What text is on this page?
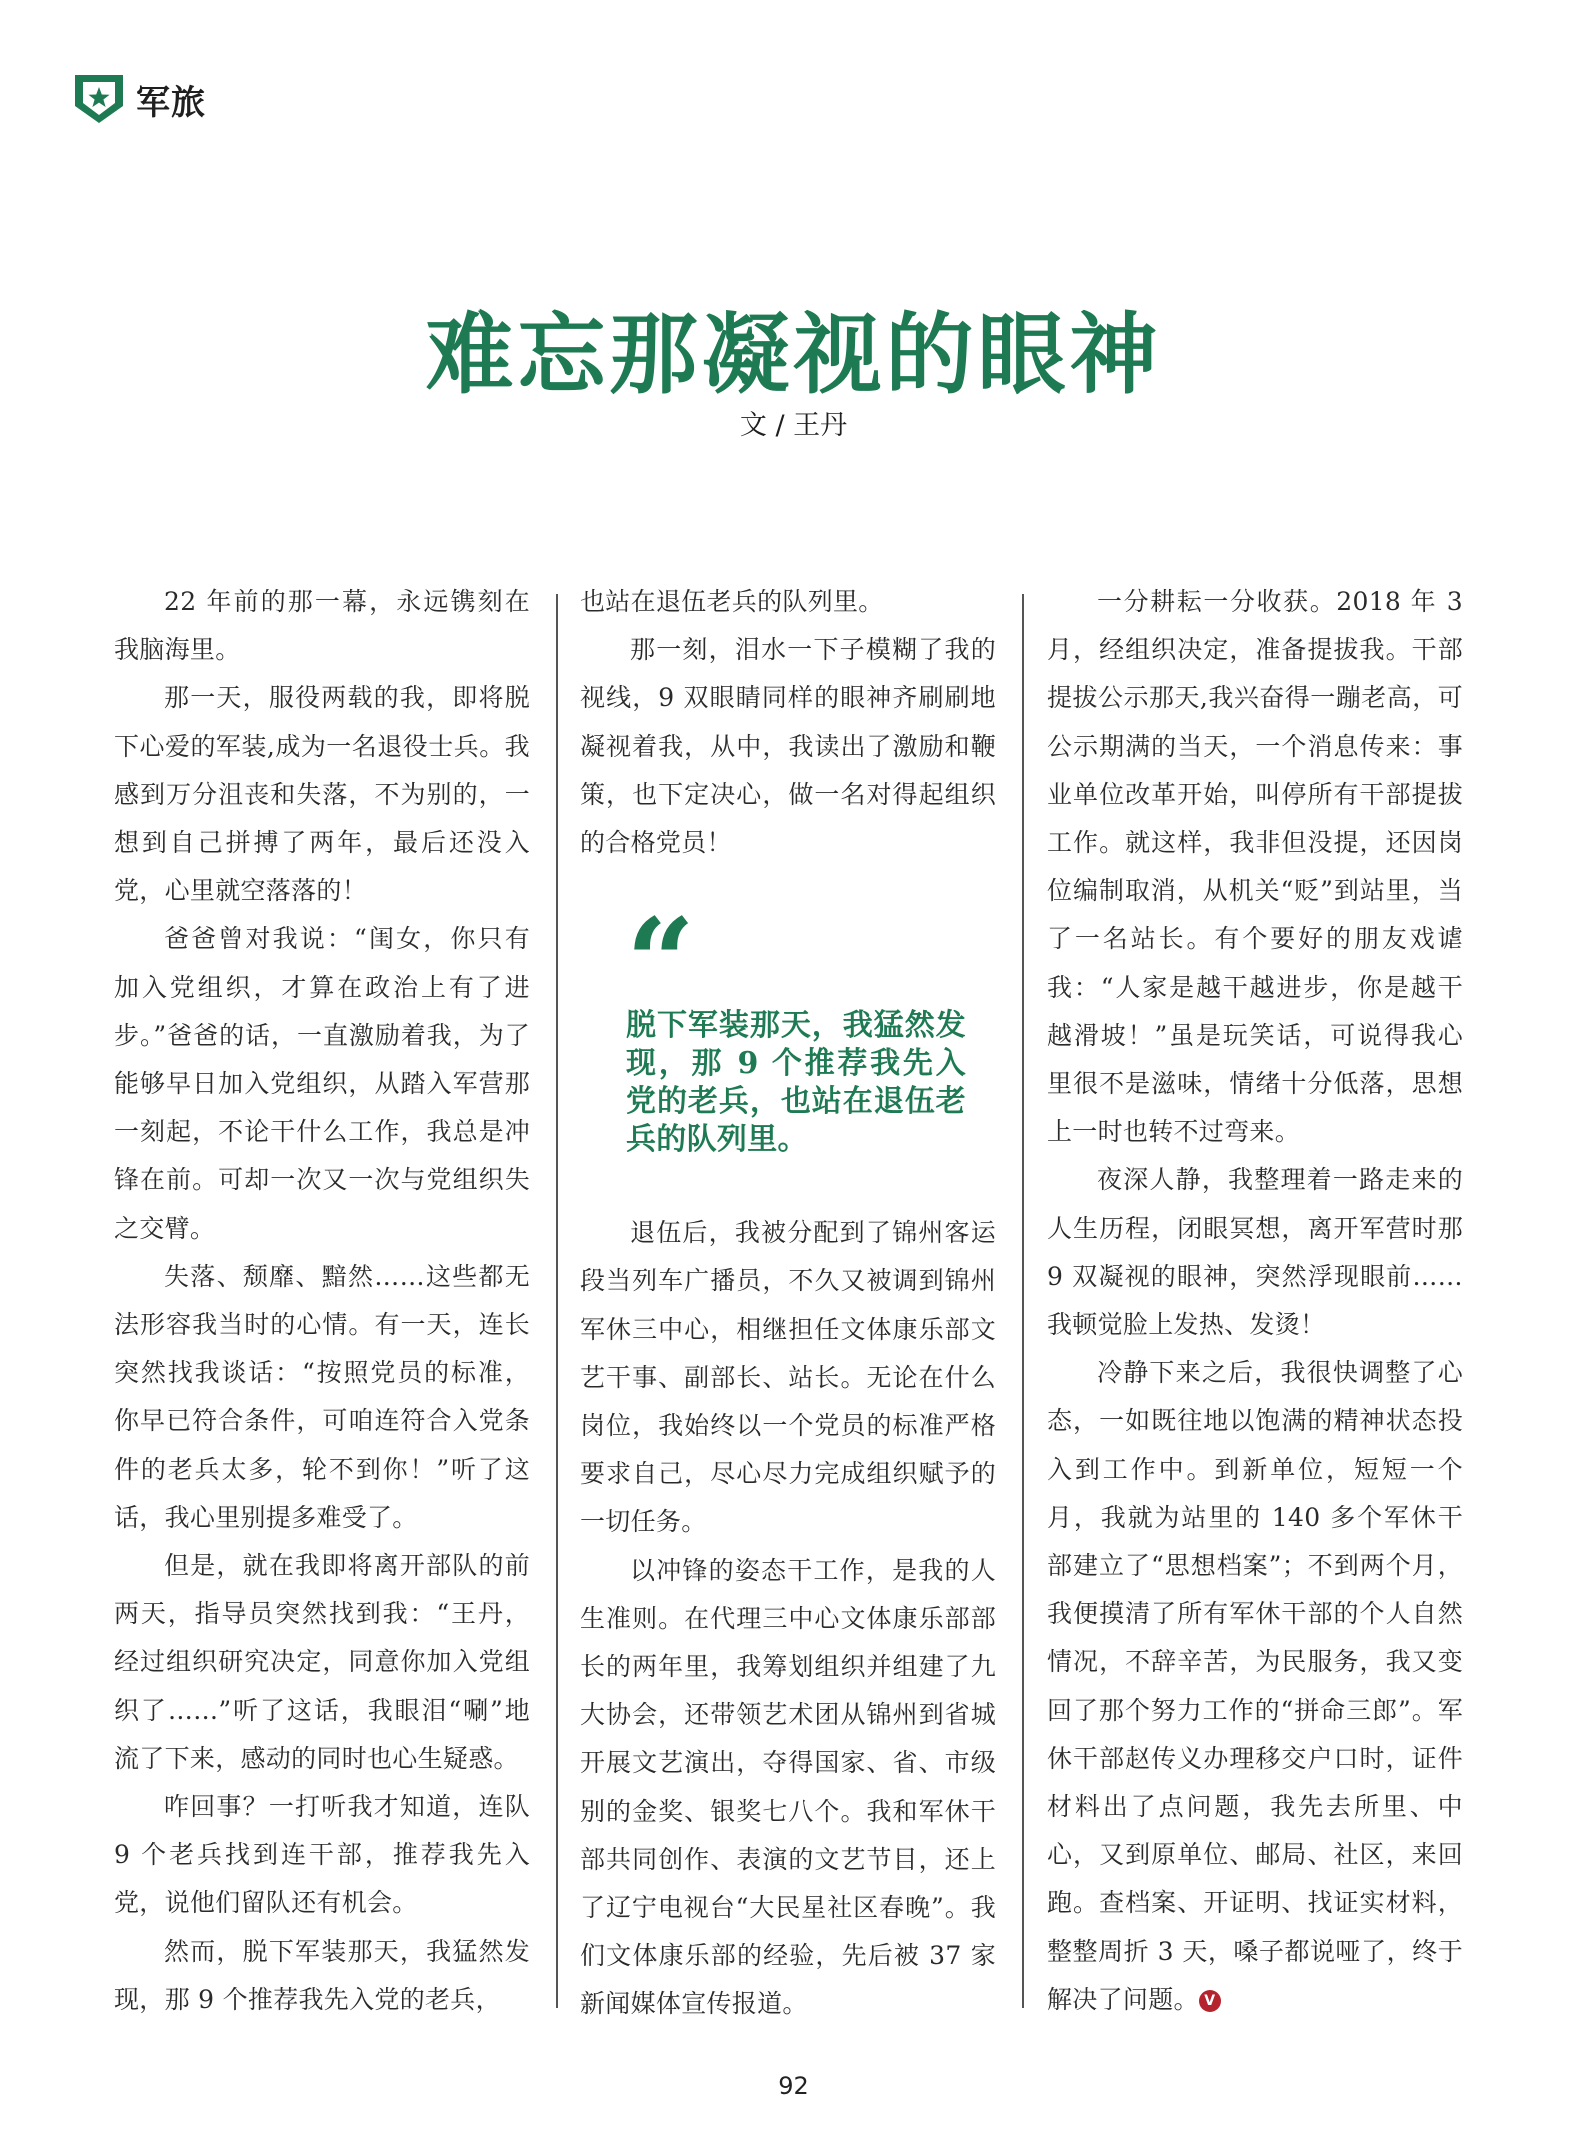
军旅
难忘那凝视的眼神
文 / 王丹

22 年前的那一幕，永远镌刻在我脑海里。

那一天，服役两载的我，即将脱下心爱的军装,成为一名退役士兵。我感到万分沮丧和失落，不为别的，一想到自己拼搏了两年，最后还没入党，心里就空落落的！

爸爸曾对我说：“闺女，你只有加入党组织，才算在政治上有了进步。”爸爸的话，一直激励着我，为了能够早日加入党组织，从踏入军营那一刻起，不论干什么工作，我总是冲锋在前。可却一次又一次与党组织失之交臂。

失落、颓靡、黯然……这些都无法形容我当时的心情。有一天，连长突然找我谈话：“按照党员的标准，你早已符合条件，可咱连符合入党条件的老兵太多，轮不到你！”听了这话，我心里别提多难受了。

但是，就在我即将离开部队的前两天，指导员突然找到我：“王丹，经过组织研究决定，同意你加入党组织了……”听了这话，我眼泪“唰”地流了下来，感动的同时也心生疑惑。

咋回事？一打听我才知道，连队 9 个老兵找到连干部，推荐我先入党，说他们留队还有机会。

然而，脱下军装那天，我猛然发现，那 9 个推荐我先入党的老兵，

也站在退伍老兵的队列里。

那一刻，泪水一下子模糊了我的视线，9 双眼睛同样的眼神齐刷刷地凝视着我，从中，我读出了激励和鞭策，也下定决心，做一名对得起组织的合格党员！

“
脱下军装那天，我猛然发现，那 9 个推荐我先入党的老兵，也站在退伍老兵的队列里。

退伍后，我被分配到了锦州客运段当列车广播员，不久又被调到锦州军休三中心，相继担任文体康乐部文艺干事、副部长、站长。无论在什么岗位，我始终以一个党员的标准严格要求自己，尽心尽力完成组织赋予的一切任务。

以冲锋的姿态干工作，是我的人生准则。在代理三中心文体康乐部部长的两年里，我筹划组织并组建了九大协会，还带领艺术团从锦州到省城开展文艺演出，夺得国家、省、市级别的金奖、银奖七八个。我和军休干部共同创作、表演的文艺节目，还上了辽宁电视台“大民星社区春晚”。我们文体康乐部的经验，先后被 37 家新闻媒体宣传报道。

一分耕耘一分收获。2018 年 3 月，经组织决定，准备提拔我。干部提拔公示那天,我兴奋得一蹦老高，可公示期满的当天，一个消息传来：事业单位改革开始，叫停所有干部提拔工作。就这样，我非但没提，还因岗位编制取消，从机关“贬”到站里，当了一名站长。有个要好的朋友戏谑我：“人家是越干越进步，你是越干越滑坡！”虽是玩笑话，可说得我心里很不是滋味，情绪十分低落，思想上一时也转不过弯来。

夜深人静，我整理着一路走来的人生历程，闭眼冥想，离开军营时那 9 双凝视的眼神，突然浮现眼前……我顿觉脸上发热、发烫！

冷静下来之后，我很快调整了心态，一如既往地以饱满的精神状态投入到工作中。到新单位，短短一个月，我就为站里的 140 多个军休干部建立了“思想档案”；不到两个月，我便摸清了所有军休干部的个人自然情况，不辞辛苦，为民服务，我又变回了那个努力工作的“拼命三郎”。军休干部赵传义办理移交户口时，证件材料出了点问题，我先去所里、中心，又到原单位、邮局、社区，来回跑。查档案、开证明、找证实材料，整整周折 3 天，嗓子都说哑了，终于解决了问题。 V

92
